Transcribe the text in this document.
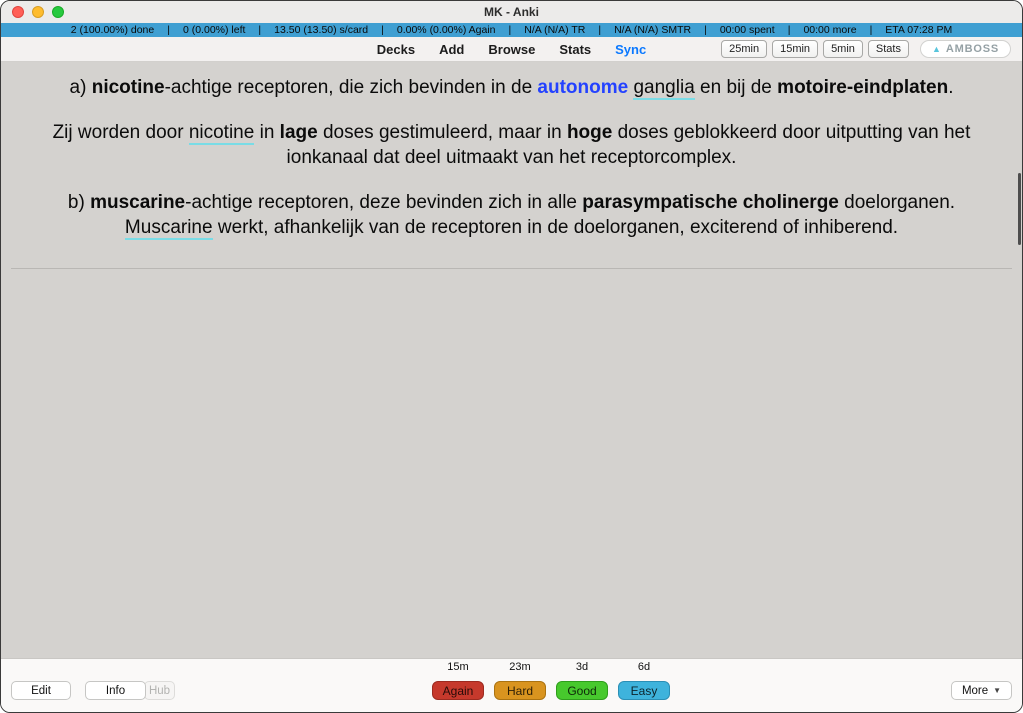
MK - Anki
2 (100.00%) done | 0 (0.00%) left | 13.50 (13.50) s/card | 0.00% (0.00%) Again | N/A (N/A) TR | N/A (N/A) SMTR | 00:00 spent | 00:00 more | ETA 07:28 PM
Decks Add Browse Stats Sync	25min	15min	5min	Stats	▲ AMBOSS
a) nicotine-achtige receptoren, die zich bevinden in de autonome ganglia en bij de motoire-eindplaten.
Zij worden door nicotine in lage doses gestimuleerd, maar in hoge doses geblokkeerd door uitputting van het
ionkanaal dat deel uitmaakt van het receptorcomplex.
b) muscarine-achtige receptoren, deze bevinden zich in alle parasympatische cholinerge doelorganen.
Muscarine werkt, afhankelijk van de receptoren in de doelorganen, exciterend of inhiberend.
Edit	Info	Hub
15m
Again
23m
Hard
3d
Good
6d
Easy	More ▼
